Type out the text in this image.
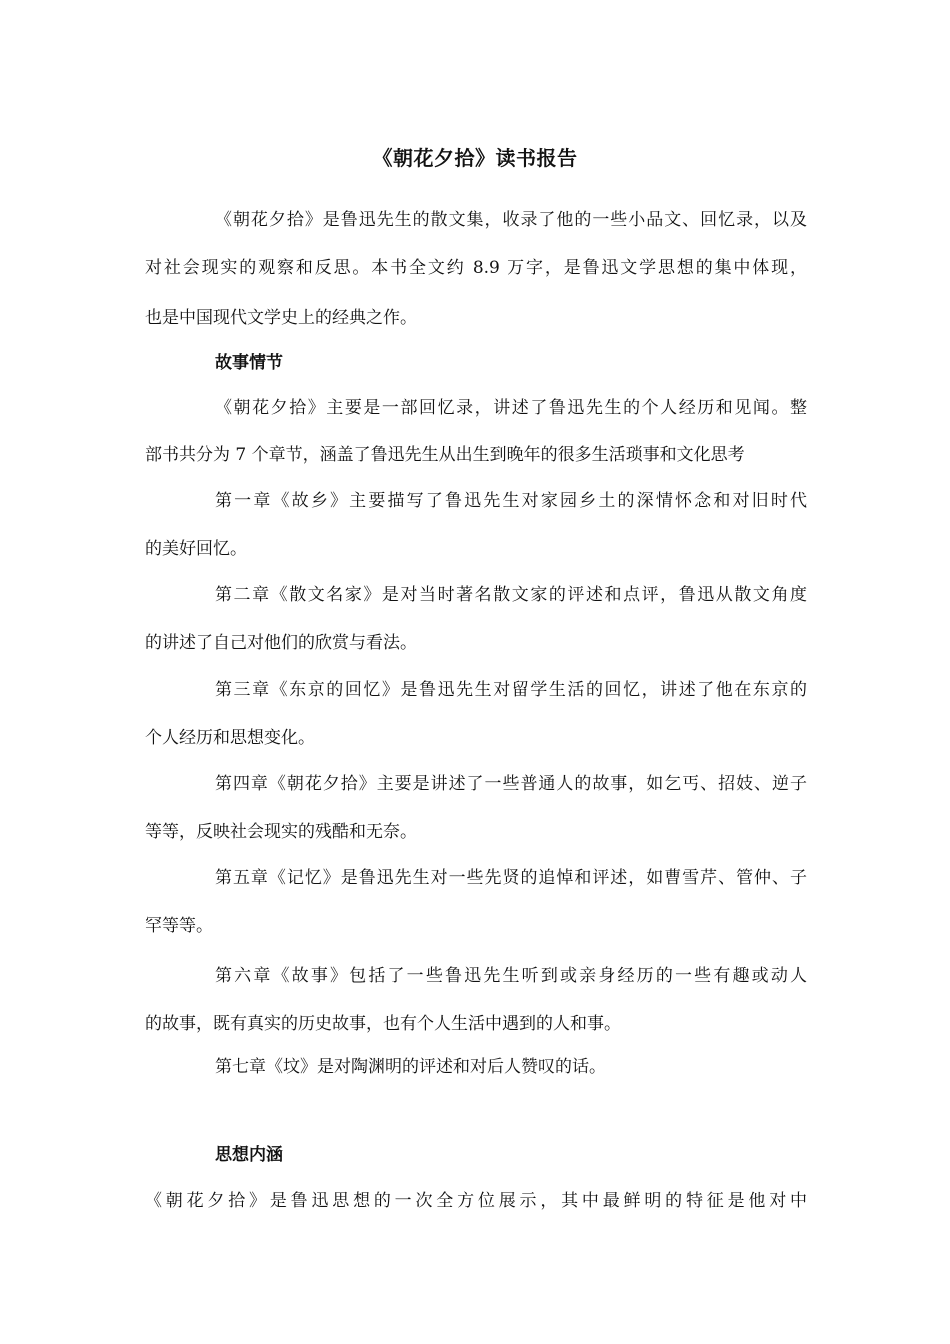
《朝花夕拾》读书报告
《朝花夕拾》是鲁迅先生的散文集，收录了他的一些小品文、回忆录，以及
对社会现实的观察和反思。本书全文约 8.9 万字，是鲁迅文学思想的集中体现，
也是中国现代文学史上的经典之作。
故事情节
《朝花夕拾》主要是一部回忆录，讲述了鲁迅先生的个人经历和见闻。整
部书共分为 7 个章节，涵盖了鲁迅先生从出生到晚年的很多生活琐事和文化思考
第一章《故乡》主要描写了鲁迅先生对家园乡土的深情怀念和对旧时代
的美好回忆。
第二章《散文名家》是对当时著名散文家的评述和点评，鲁迅从散文角度
的讲述了自己对他们的欣赏与看法。
第三章《东京的回忆》是鲁迅先生对留学生活的回忆，讲述了他在东京的
个人经历和思想变化。
第四章《朝花夕拾》主要是讲述了一些普通人的故事，如乞丐、招妓、逆子
等等，反映社会现实的残酷和无奈。
第五章《记忆》是鲁迅先生对一些先贤的追悼和评述，如曹雪芹、管仲、子
罕等等。
第六章《故事》包括了一些鲁迅先生听到或亲身经历的一些有趣或动人
的故事，既有真实的历史故事，也有个人生活中遇到的人和事。
第七章《坟》是对陶渊明的评述和对后人赞叹的话。
思想内涵
《朝花夕拾》是鲁迅思想的一次全方位展示，其中最鲜明的特征是他对中
